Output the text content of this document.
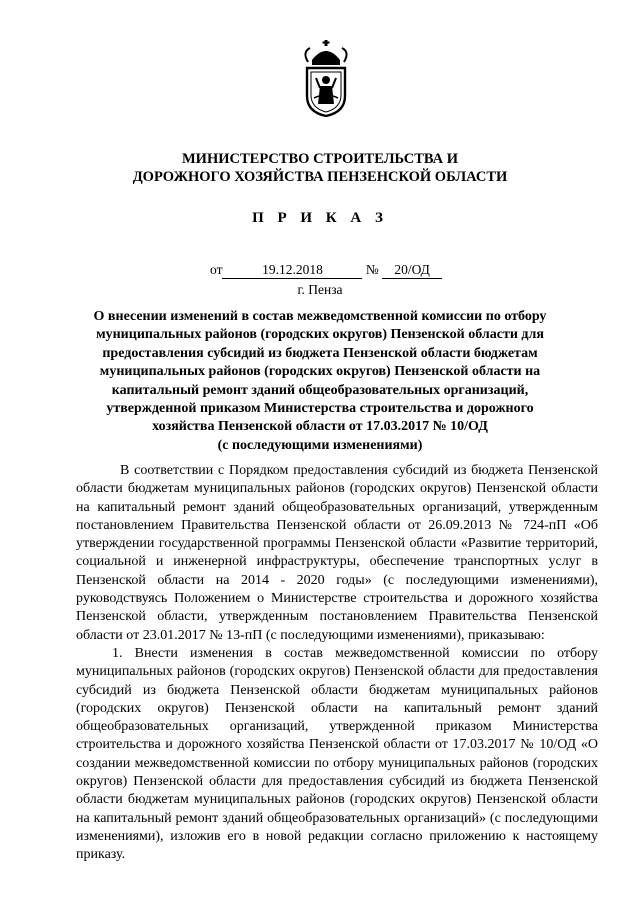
МИНИСТЕРСТВО СТРОИТЕЛЬСТВА И
ДОРОЖНОГО ХОЗЯЙСТВА ПЕНЗЕНСКОЙ ОБЛАСТИ
П Р И К А З
от	19.12.2018	№ 20/ОД
г. Пенза
О внесении изменений в состав межведомственной комиссии по отбору
муниципальных районов (городских округов) Пензенской области для
предоставления субсидий из бюджета Пензенской области бюджетам
муниципальных районов (городских округов) Пензенской области на
капитальный ремонт зданий общеобразовательных организаций,
утвержденной приказом Министерства строительства и дорожного
хозяйства Пензенской области от 17.03.2017 № 10/ОД
(с последующими изменениями)

В соответствии с Порядком предоставления субсидий из бюджета Пензенской области бюджетам муниципальных районов (городских округов) Пензенской области на капитальный ремонт зданий общеобразовательных организаций, утвержденным постановлением Правительства Пензенской области от 26.09.2013 № 724-пП «Об утверждении государственной программы Пензенской области «Развитие территорий, социальной и инженерной инфраструктуры, обеспечение транспортных услуг в Пензенской области на 2014 - 2020 годы» (с последующими изменениями), руководствуясь Положением о Министерстве строительства и дорожного хозяйства Пензенской области, утвержденным постановлением Правительства Пензенской области от 23.01.2017 № 13-пП (с последующими изменениями), приказываю:

1. Внести изменения в состав межведомственной комиссии по отбору муниципальных районов (городских округов) Пензенской области для предоставления субсидий из бюджета Пензенской области бюджетам муниципальных районов (городских округов) Пензенской области на капитальный ремонт зданий общеобразовательных организаций, утвержденной приказом Министерства строительства и дорожного хозяйства Пензенской области от 17.03.2017 № 10/ОД «О создании межведомственной комиссии по отбору муниципальных районов (городских округов) Пензенской области для предоставления субсидий из бюджета Пензенской области бюджетам муниципальных районов (городских округов) Пензенской области на капитальный ремонт зданий общеобразовательных организаций» (с последующими изменениями), изложив его в новой редакции согласно приложению к настоящему приказу.
